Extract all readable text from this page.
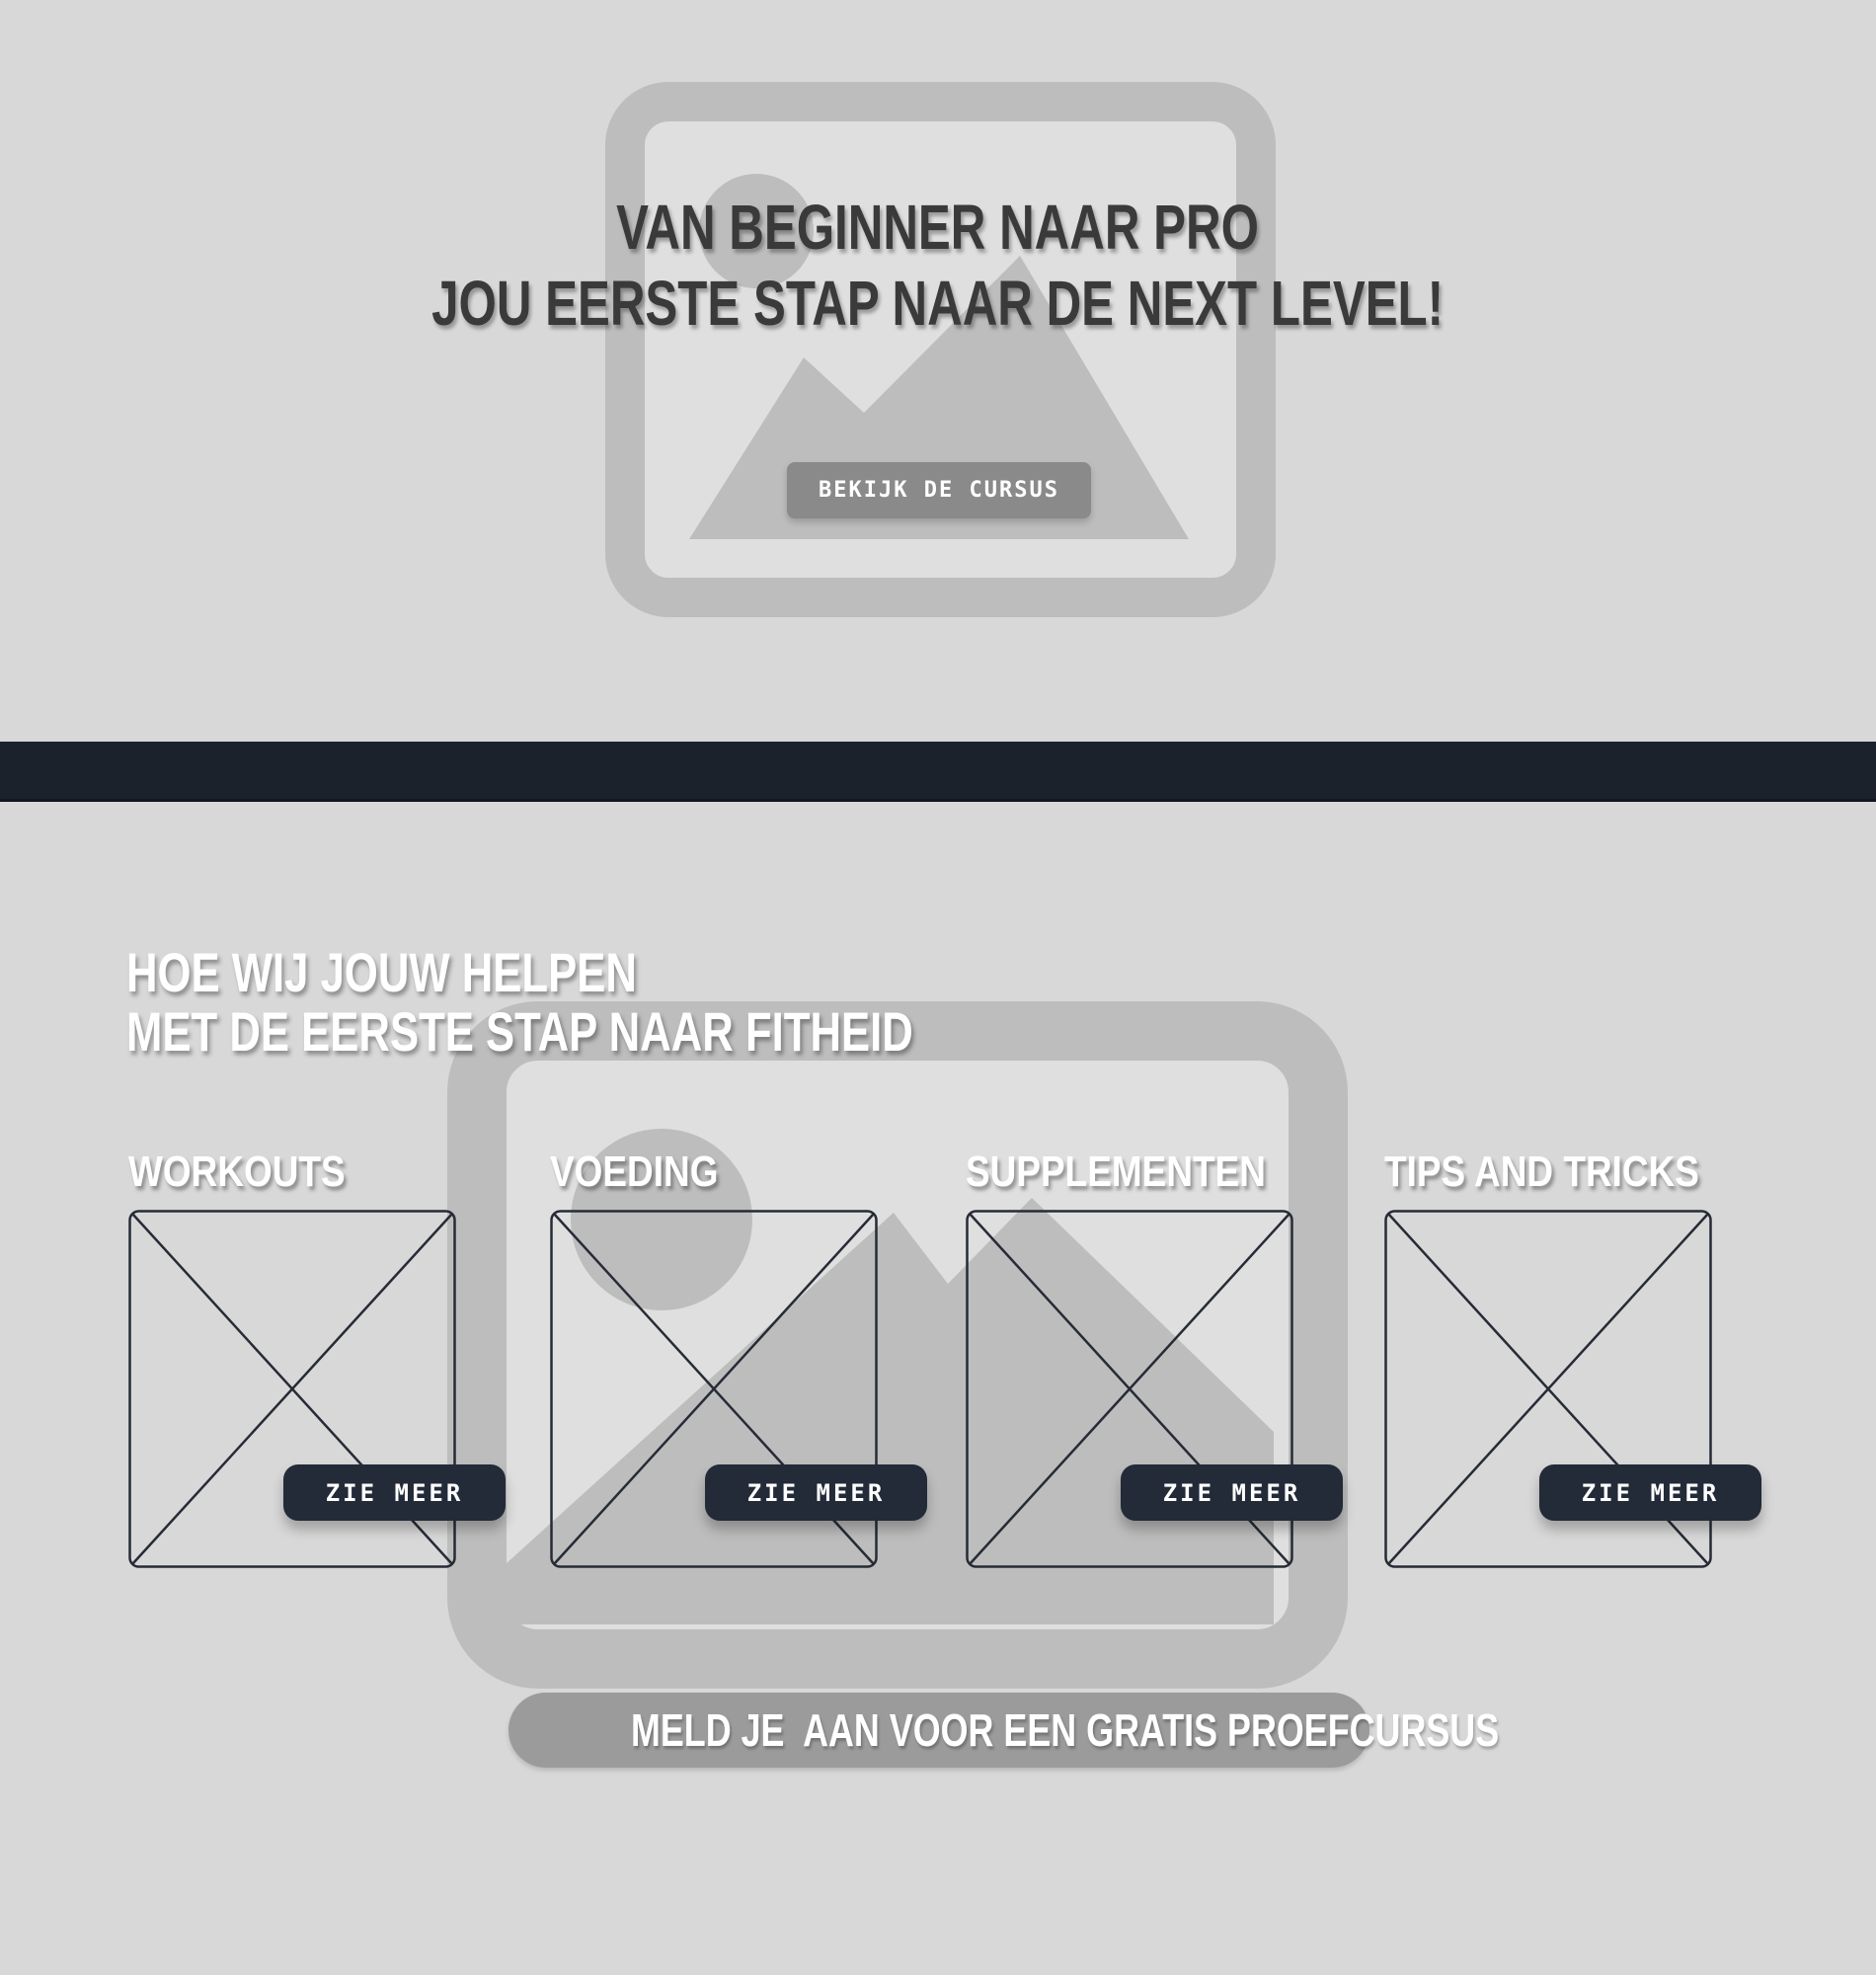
VAN BEGINNER NAAR PRO
JOU EERSTE STAP NAAR DE NEXT LEVEL!
BEKIJK DE CURSUS
HOE WIJ JOUW HELPEN
MET DE EERSTE STAP NAAR FITHEID
WORKOUTS
ZIE MEER
VOEDING
ZIE MEER
SUPPLEMENTEN
ZIE MEER
TIPS AND TRICKS
ZIE MEER
MELD JE  AAN VOOR EEN GRATIS PROEFCURSUS
